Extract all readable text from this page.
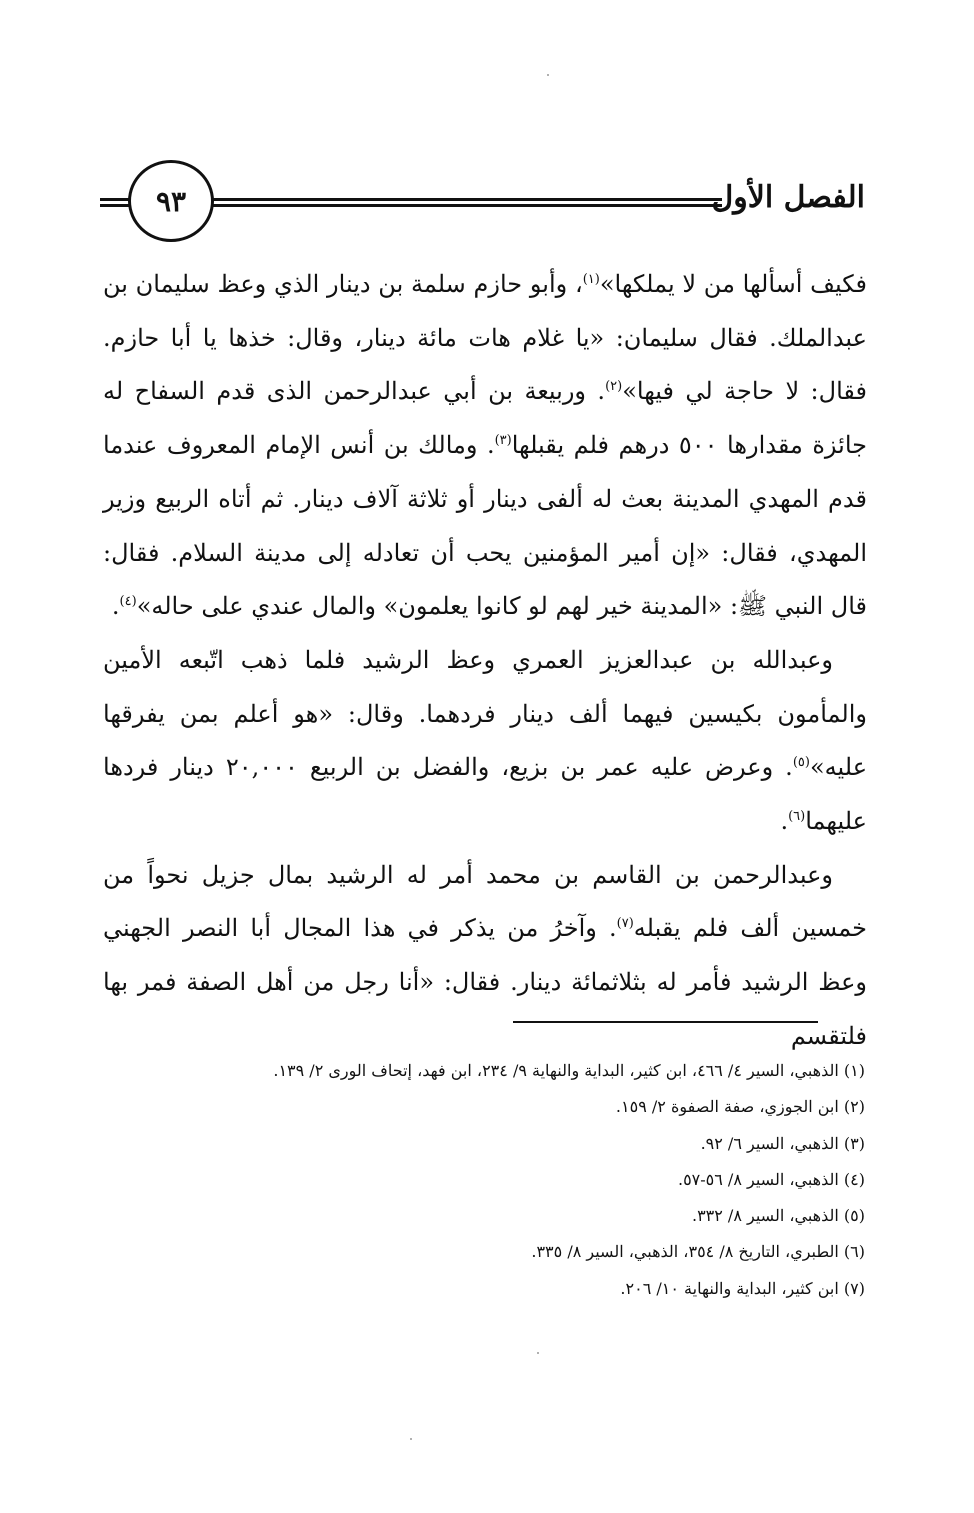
٩٣	الفصل الأول

فكيف أسألها من لا يملكها»$^{(١)}$، وأبو حازم سلمة بن دينار الذي وعظ سليمان بن عبدالملك. فقال سليمان: «يا غلام هات مائة دينار، وقال: خذها يا أبا حازم. فقال: لا حاجة لي فيها»$^{(٢)}$. وربيعة بن أبي عبدالرحمن الذى قدم السفاح له جائزة مقدارها ٥٠٠ درهم فلم يقبلها$^{(٣)}$. ومالك بن أنس الإمام المعروف عندما قدم المهدي المدينة بعث له ألفى دينار أو ثلاثة آلاف دينار. ثم أتاه الربيع وزير المهدي، فقال: «إن أمير المؤمنين يحب أن تعادله إلى مدينة السلام. فقال: قال النبي ﷺ: «المدينة خير لهم لو كانوا يعلمون» والمال عندي على حاله»$^{(٤)}$.

وعبدالله بن عبدالعزيز العمري وعظ الرشيد فلما ذهب اتّبعه الأمين والمأمون بكيسين فيهما ألف دينار فردهما. وقال: «هو أعلم بمن يفرقها عليه»$^{(٥)}$. وعرض عليه عمر بن بزيع، والفضل بن الربيع ٢٠,٠٠٠ دينار فردها عليهما$^{(٦)}$.

وعبدالرحمن بن القاسم بن محمد أمر له الرشيد بمال جزيل نحواً من خمسين ألف فلم يقبله$^{(٧)}$. وآخرُ من يذكر في هذا المجال أبا النصر الجهني وعظ الرشيد فأمر له بثلاثمائة دينار. فقال: «أنا رجل من أهل الصفة فمر بها فلتقسم

(١) الذهبي، السير ٤/ ٤٦٦، ابن كثير، البداية والنهاية ٩/ ٢٣٤، ابن فهد، إتحاف الورى ٢/ ١٣٩.

(٢) ابن الجوزي، صفة الصفوة ٢/ ١٥٩.

(٣) الذهبي، السير ٦/ ٩٢.

(٤) الذهبي، السير ٨/ ٥٦-٥٧.

(٥) الذهبي، السير ٨/ ٣٣٢.

(٦) الطبري، التاريخ ٨/ ٣٥٤، الذهبي، السير ٨/ ٣٣٥.

(٧) ابن كثير، البداية والنهاية ١٠/ ٢٠٦.
